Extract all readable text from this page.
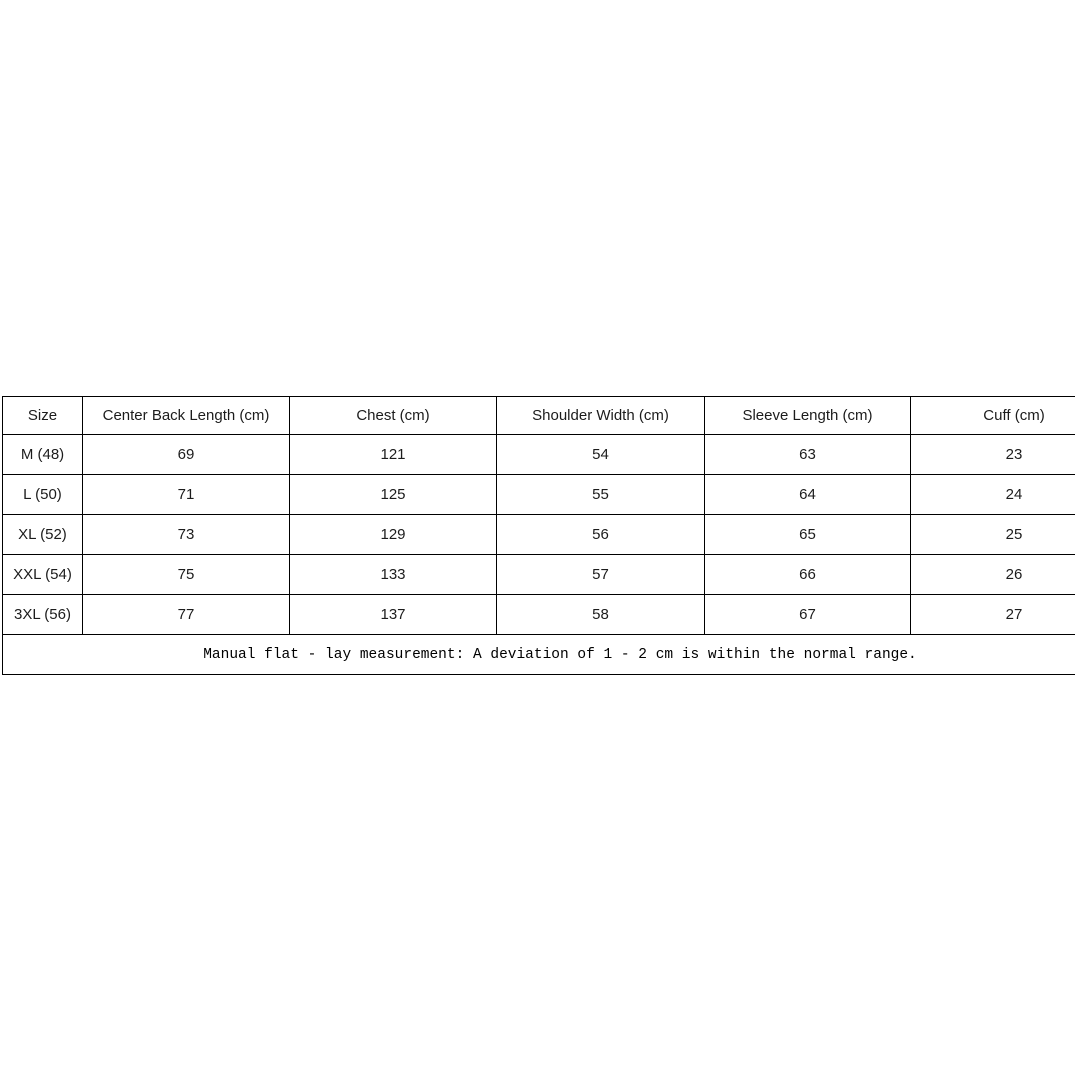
Size	Center Back Length (cm)	Chest (cm)	Shoulder Width (cm)	Sleeve Length (cm)	Cuff (cm)
M (48)	69	121	54	63	23
L (50)	71	125	55	64	24
XL (52)	73	129	56	65	25
XXL (54)	75	133	57	66	26
3XL (56)	77	137	58	67	27
Manual flat - lay measurement: A deviation of 1 - 2 cm is within the normal range.					
